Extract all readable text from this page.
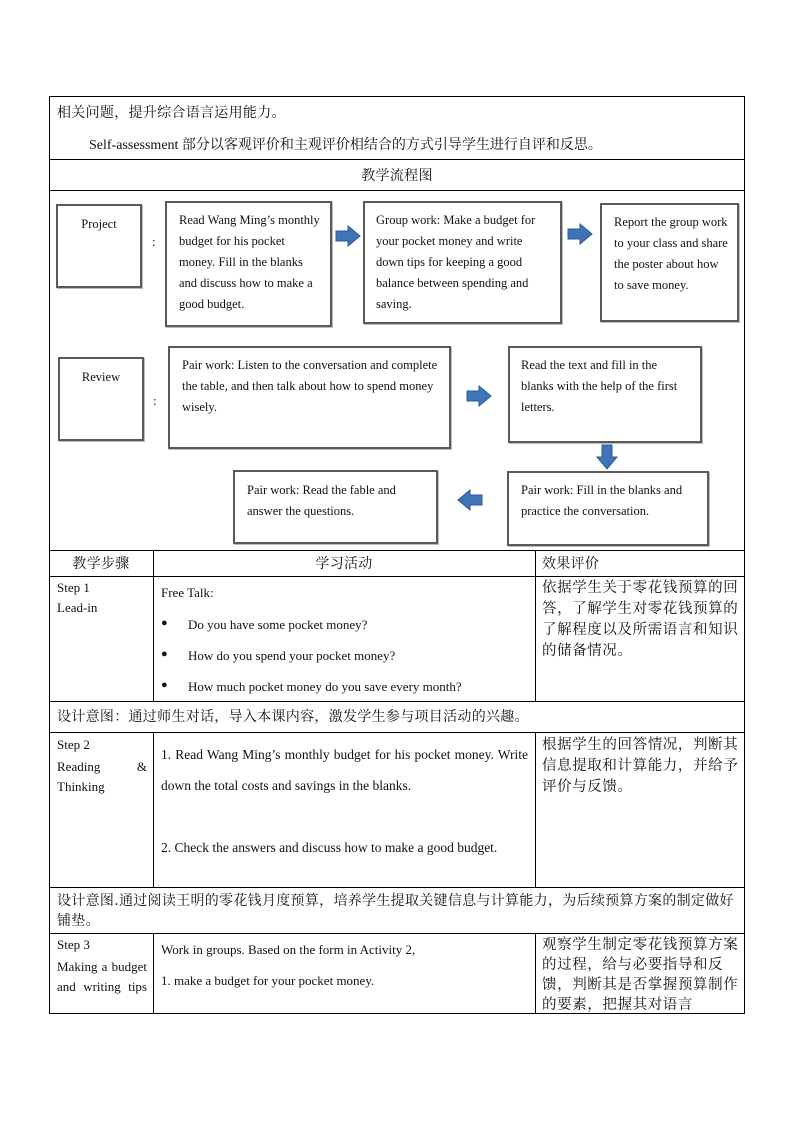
相关问题，提升综合语言运用能力。
Self-assessment 部分以客观评价和主观评价相结合的方式引导学生进行自评和反思。
教学流程图
Project
:
Read Wang Ming’s monthly budget for his pocket money. Fill in the blanks and discuss how to make a good budget.
Group work: Make a budget for your pocket money and write down tips for keeping a good balance between spending and saving.
Report the group work to your class and share the poster about how to save money.
Review
:
Pair work: Listen to the conversation and complete the table, and then talk about how to spend money wisely.
Read the text and fill in the blanks with the help of the first letters.
Pair work: Fill in the blanks and practice the conversation.
Pair work: Read the fable and answer the questions.
教学步骤	学习活动	效果评价
Step 1
Lead-in
Free Talk:
● Do you have some pocket money?
● How do you spend your pocket money?
● How much pocket money do you save every month?
依据学生关于零花钱预算的回答，了解学生对零花钱预算的了解程度以及所需语言和知识的储备情况。
设计意图：通过师生对话，导入本课内容，激发学生参与项目活动的兴趣。
Step 2
Reading & Thinking
1. Read Wang Ming’s monthly budget for his pocket money. Write down the total costs and savings in the blanks.
2. Check the answers and discuss how to make a good budget.
根据学生的回答情况，判断其信息提取和计算能力，并给予评价与反馈。
设计意图.通过阅读王明的零花钱月度预算，培养学生提取关键信息与计算能力，为后续预算方案的制定做好铺垫。
Step 3
Making a budget and writing tips
Work in groups. Based on the form in Activity 2,
1. make a budget for your pocket money.
观察学生制定零花钱预算方案的过程，给与必要指导和反馈，判断其是否掌握预算制作的要素，把握其对语言
